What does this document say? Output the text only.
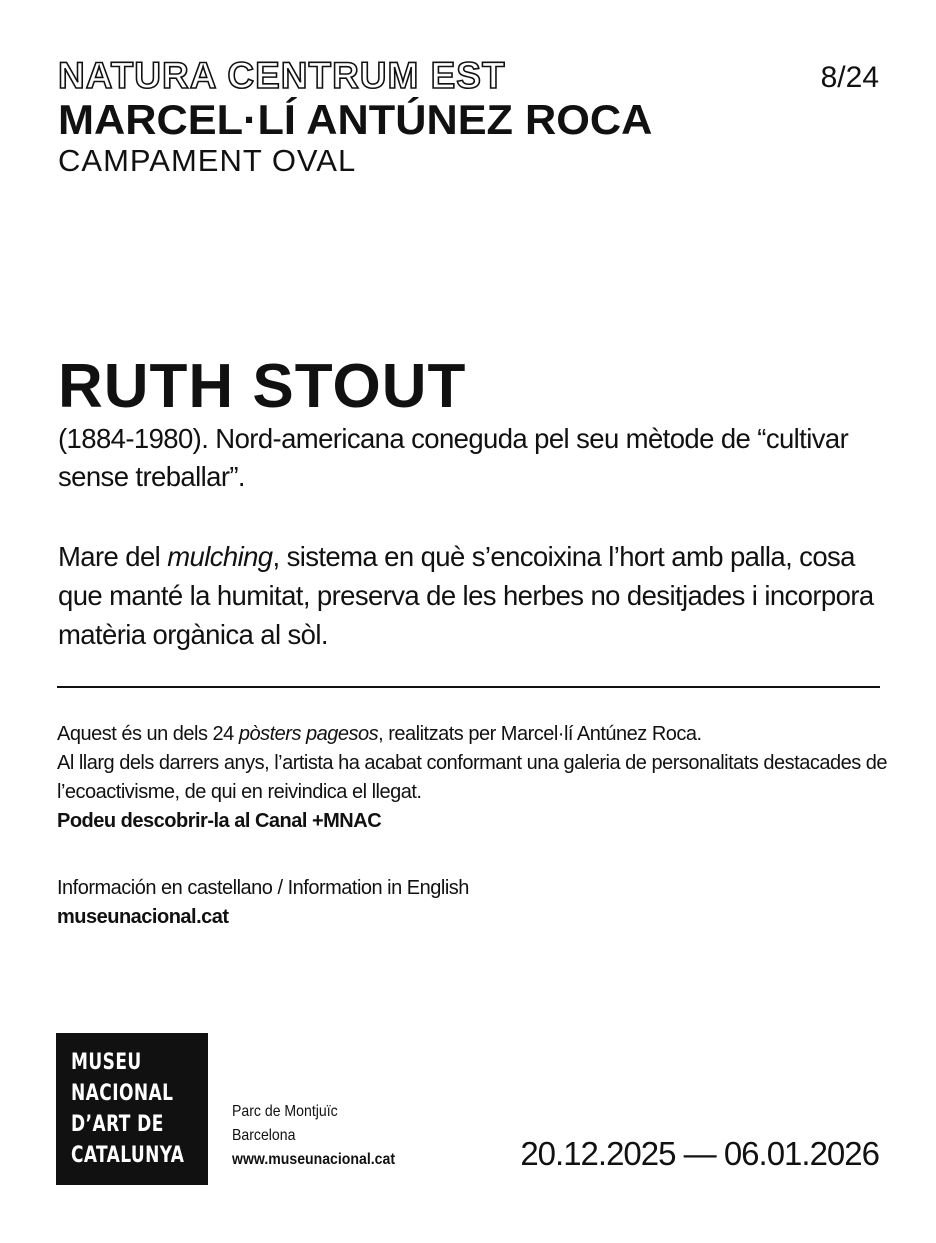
NATURA CENTRUM EST	8/24
MARCEL·LÍ ANTÚNEZ ROCA
CAMPAMENT OVAL
RUTH STOUT
(1884-1980). Nord-americana coneguda pel seu mètode de “cultivar sense treballar”.
Mare del mulching, sistema en què s’encoixina l’hort amb palla, cosa que manté la humitat, preserva de les herbes no desitjades i incorpora matèria orgànica al sòl.
Aquest és un dels 24 pòsters pagesos, realitzats per Marcel·lí Antúnez Roca.
Al llarg dels darrers anys, l’artista ha acabat conformant una galeria de personalitats destacades de l’ecoactivisme, de qui en reivindica el llegat.
Podeu descobrir-la al Canal +MNAC
Información en castellano / Information in English
museunacional.cat
MUSEU
NACIONAL
D’ART DE
CATALUNYA
Parc de Montjuïc
Barcelona
www.museunacional.cat	20.12.2025 — 06.01.2026
